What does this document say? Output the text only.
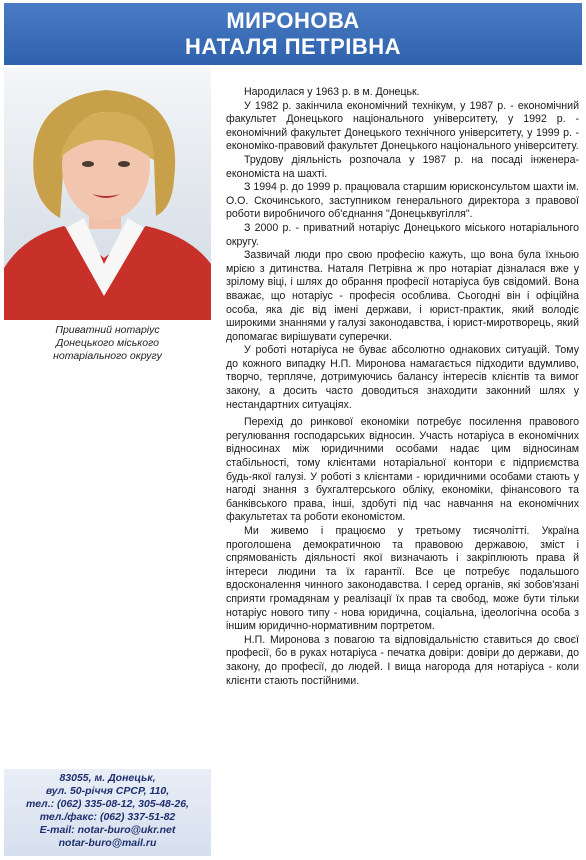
МИРОНОВА
НАТАЛЯ ПЕТРІВНА
Приватний нотаріус
Донецького міського
нотаріального округу
83055, м. Донецьк,
вул. 50-річчя СРСР, 110,
тел.: (062) 335-08-12, 305-48-26,
тел./факс: (062) 337-51-82
E-mail: notar-buro@ukr.net
notar-buro@mail.ru

Народилася у 1963 р. в м. Донецьк.

У 1982 р. закінчила економічний технікум, у 1987 р. - економічний факультет Донецького національного університету, у 1992 р. - економічний факультет Донецького технічного університету, у 1999 р. - економіко-правовий факультет Донецького національного університету.

Трудову діяльність розпочала у 1987 р. на посаді інженера-економіста на шахті.

З 1994 р. до 1999 р. працювала старшим юрисконсультом шахти ім. О.О. Скочинського, заступником генерального директора з правової роботи виробничого об'єднання "Донецьквугілля".

З 2000 р. - приватний нотаріус Донецького міського нотаріального округу.

Зазвичай люди про свою професію кажуть, що вона була їхньою мрією з дитинства. Наталя Петрівна ж про нотаріат дізналася вже у зрілому віці, і шлях до обрання професії нотаріуса був свідомий. Вона вважає, що нотаріус - професія особлива. Сьогодні він і офіційна особа, яка діє від імені держави, і юрист-практик, який володіє широкими знаннями у галузі законодавства, і юрист-миротворець, який допомагає вирішувати суперечки.

У роботі нотаріуса не буває абсолютно однакових ситуацій. Тому до кожного випадку Н.П. Миронова намагається підходити вдумливо, творчо, терпляче, дотримуючись балансу інтересів клієнтів та вимог закону, а досить часто доводиться знаходити законний шлях у нестандартних ситуаціях.

Перехід до ринкової економіки потребує посилення правового регулювання господарських відносин. Участь нотаріуса в економічних відносинах між юридичними особами надає цим відносинам стабільності, тому клієнтами нотаріальної контори є підприємства будь-якої галузі. У роботі з клієнтами - юридичними особами стають у нагоді знання з бухгалтерського обліку, економіки, фінансового та банківського права, інші, здобуті під час навчання на економічних факультетах та роботи економістом.

Ми живемо і працюємо у третьому тисячолітті. Україна проголошена демократичною та правовою державою, зміст і спрямованість діяльності якої визначають і закріплюють права й інтереси людини та їх гарантії. Все це потребує подальшого вдосконалення чинного законодавства. І серед органів, які зобов'язані сприяти громадянам у реалізації їх прав та свобод, може бути тільки нотаріус нового типу - нова юридична, соціальна, ідеологічна особа з іншим юридично-нормативним портретом.

Н.П. Миронова з повагою та відповідальністю ставиться до своєї професії, бо в руках нотаріуса - печатка довіри: довіри до держави, до закону, до професії, до людей. І вища нагорода для нотаріуса - коли клієнти стають постійними.
